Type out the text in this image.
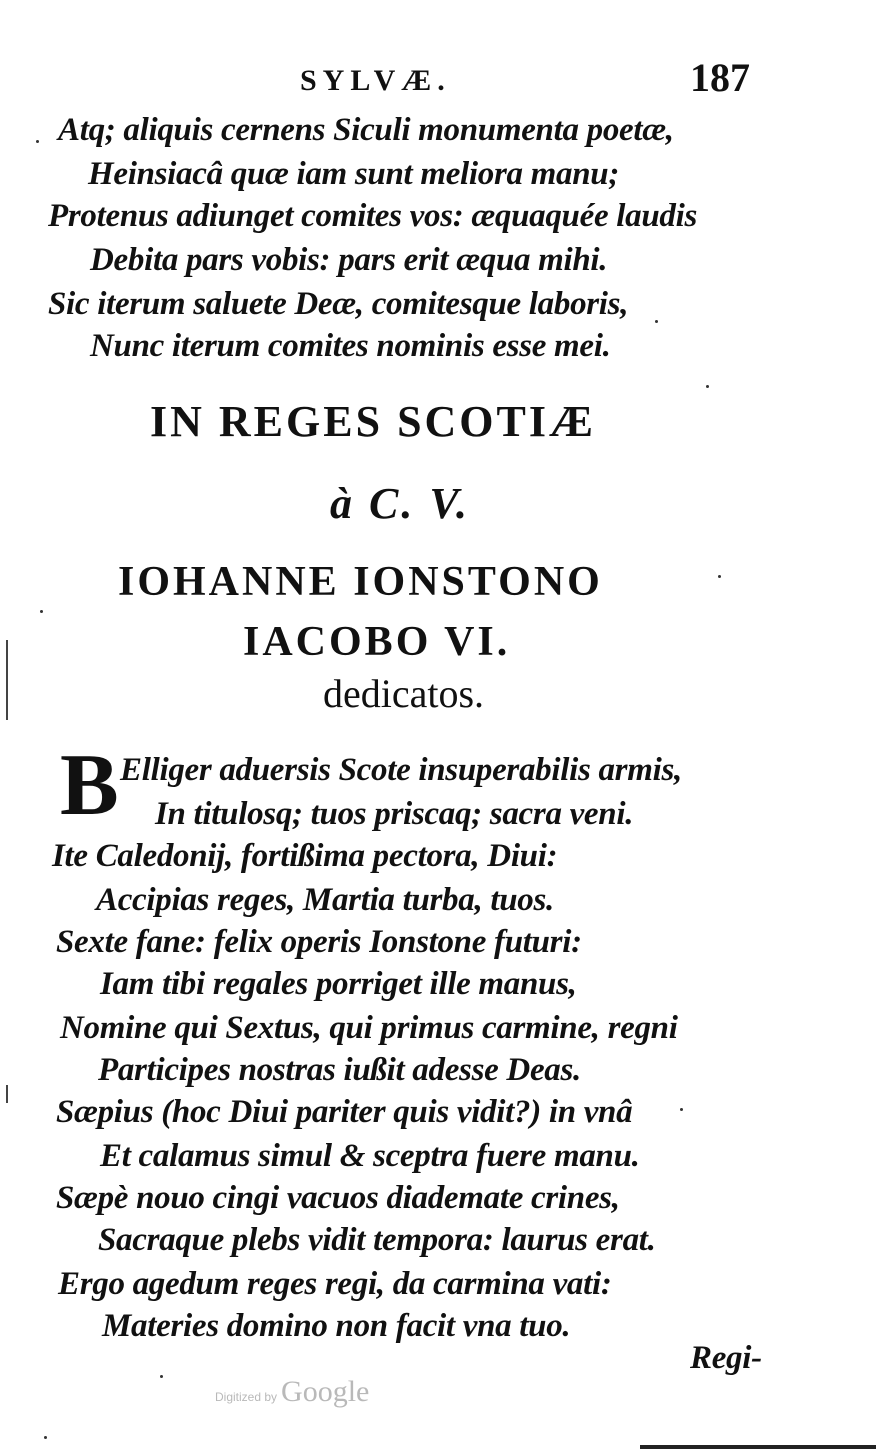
SYLVÆ.	187
Atq; aliquis cernens Siculi monumenta poetæ,
Heinsiacâ quæ iam sunt meliora manu;
Protenus adiunget comites vos: æquaquée laudis
Debita pars vobis: pars erit æqua mihi.
Sic iterum saluete Deæ, comitesque laboris,
Nunc iterum comites nominis esse mei.
IN REGES SCOTIÆ
à C. V.
IOHANNE IONSTONO
IACOBO VI.
dedicatos.
B Elliger aduersis Scote insuperabilis armis,
In titulosq; tuos priscaq; sacra veni.
Ite Caledonij, fortißima pectora, Diui:
Accipias reges, Martia turba, tuos.
Sexte fane: felix operis Ionstone futuri:
Iam tibi regales porriget ille manus,
Nomine qui Sextus, qui primus carmine, regni
Participes nostras iußit adesse Deas.
Sæpius (hoc Diui pariter quis vidit?) in vnâ
Et calamus simul & sceptra fuere manu.
Sæpè nouo cingi vacuos diademate crines,
Sacraque plebs vidit tempora: laurus erat.
Ergo agedum reges regi, da carmina vati:
Materies domino non facit vna tuo.
Regi-
Digitized by Google
